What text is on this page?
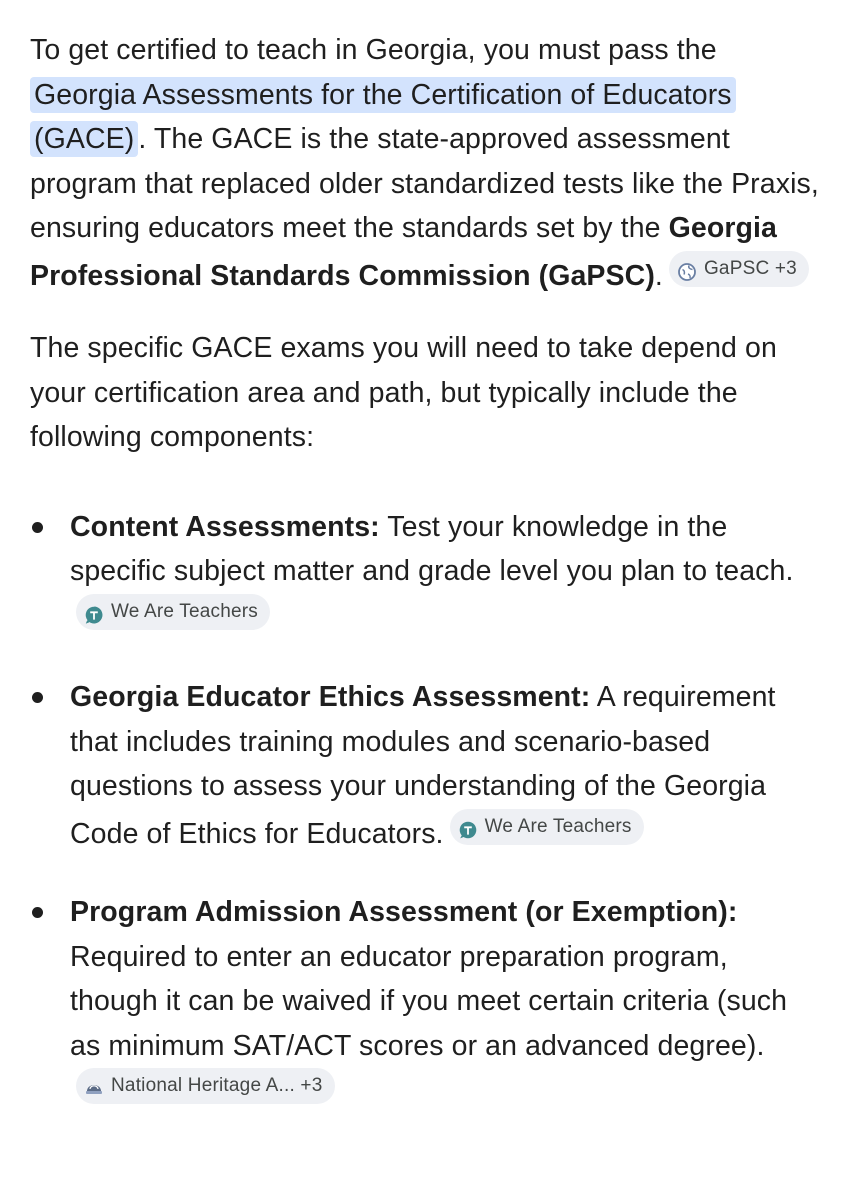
To get certified to teach in Georgia, you must pass the Georgia Assessments for the Certification of Educators (GACE) . The GACE is the state-approved assessment program that replaced older standardized tests like the Praxis, ensuring educators meet the standards set by the Georgia Professional Standards Commission (GaPSC). GaPSC +3

The specific GACE exams you will need to take depend on your certification area and path, but typically include the following components:

Content Assessments: Test your knowledge in the specific subject matter and grade level you plan to teach.
We Are Teachers
Georgia Educator Ethics Assessment: A requirement that includes training modules and scenario-based questions to assess your understanding of the Georgia Code of Ethics for Educators. We Are Teachers
Program Admission Assessment (or Exemption): Required to enter an educator preparation program, though it can be waived if you meet certain criteria (such as minimum SAT/ACT scores or an advanced degree).
National Heritage A... +3
